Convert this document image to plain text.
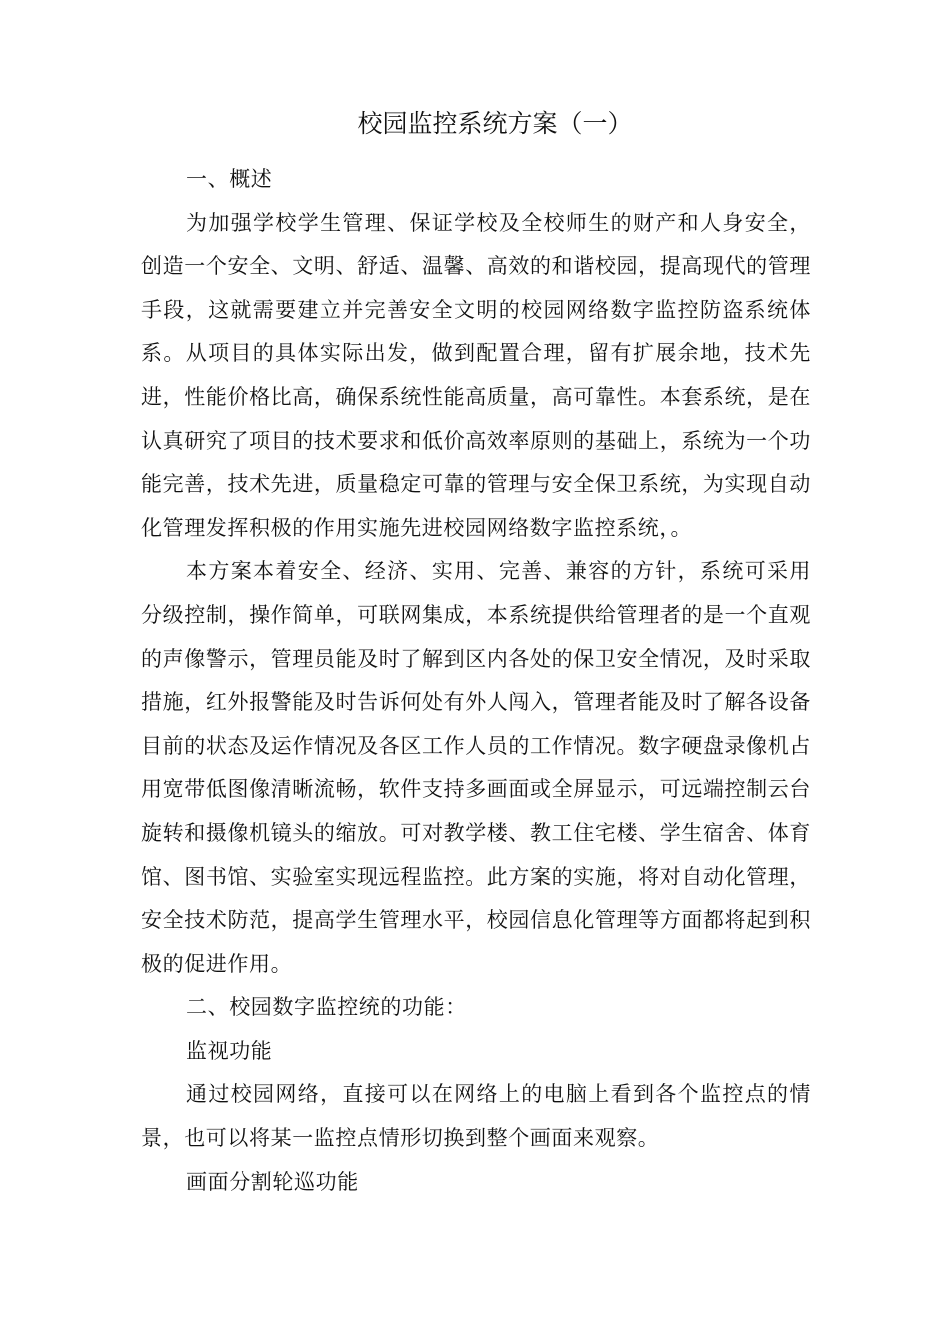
校园监控系统方案（一）

一、概述

为加强学校学生管理、保证学校及全校师生的财产和人身安全，创造一个安全、文明、舒适、温馨、高效的和谐校园，提高现代的管理手段，这就需要建立并完善安全文明的校园网络数字监控防盗系统体系。从项目的具体实际出发，做到配置合理，留有扩展余地，技术先进，性能价格比高，确保系统性能高质量，高可靠性。本套系统，是在认真研究了项目的技术要求和低价高效率原则的基础上，系统为一个功能完善，技术先进，质量稳定可靠的管理与安全保卫系统，为实现自动化管理发挥积极的作用实施先进校园网络数字监控系统，。

本方案本着安全、经济、实用、完善、兼容的方针，系统可采用分级控制，操作简单，可联网集成，本系统提供给管理者的是一个直观的声像警示，管理员能及时了解到区内各处的保卫安全情况，及时采取措施，红外报警能及时告诉何处有外人闯入，管理者能及时了解各设备目前的状态及运作情况及各区工作人员的工作情况。数字硬盘录像机占用宽带低图像清晰流畅，软件支持多画面或全屏显示，可远端控制云台旋转和摄像机镜头的缩放。可对教学楼、教工住宅楼、学生宿舍、体育馆、图书馆、实验室实现远程监控。此方案的实施，将对自动化管理，安全技术防范，提高学生管理水平，校园信息化管理等方面都将起到积极的促进作用。

二、校园数字监控统的功能：

监视功能

通过校园网络，直接可以在网络上的电脑上看到各个监控点的情景，也可以将某一监控点情形切换到整个画面来观察。

画面分割轮巡功能
